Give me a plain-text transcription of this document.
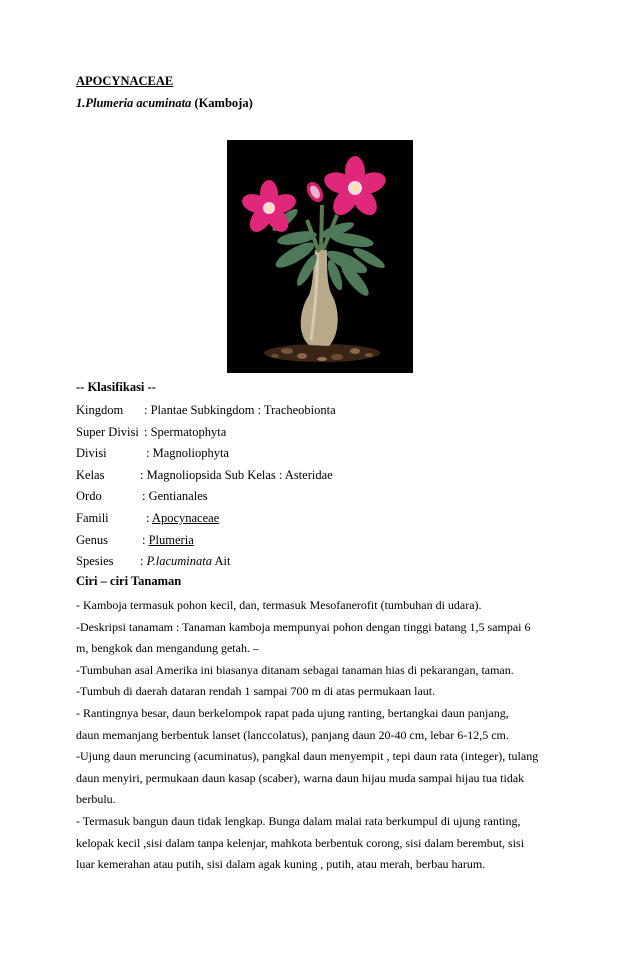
APOCYNACEAE
1.Plumeria acuminata (Kamboja)
-- Klasifikasi --
Kingdom : Plantae Subkingdom : Tracheobionta
Super Divisi : Spermatophyta
Divisi	: Magnoliophyta
Kelas	: Magnoliopsida Sub Kelas : Asteridae
Ordo	: Gentianales
Famili	: Apocynaceae
Genus	: Plumeria
Spesies : P.lacuminata Ait
Ciri – ciri Tanaman
- Kamboja termasuk pohon kecil, dan, termasuk Mesofanerofit (tumbuhan di udara).
-Deskripsi tanamam : Tanaman kamboja mempunyai pohon dengan tinggi batang 1,5 sampai 6
m, bengkok dan mengandung getah. –
-Tumbuhan asal Amerika ini biasanya ditanam sebagai tanaman hias di pekarangan, taman.
-Tumbuh di daerah dataran rendah 1 sampai 700 m di atas permukaan laut.
- Rantingnya besar, daun berkelompok rapat pada ujung ranting, bertangkai daun panjang,
daun memanjang berbentuk lanset (lanccolatus), panjang daun 20-40 cm, lebar 6-12,5 cm.
-Ujung daun meruncing (acuminatus), pangkal daun menyempit , tepi daun rata (integer), tulang
daun menyiri, permukaan daun kasap (scaber), warna daun hijau muda sampai hijau tua tidak
berbulu.
- Termasuk bangun daun tidak lengkap. Bunga dalam malai rata berkumpul di ujung ranting,
kelopak kecil ,sisi dalam tanpa kelenjar, mahkota berbentuk corong, sisi dalam berembut, sisi
luar kemerahan atau putih, sisi dalam agak kuning , putih, atau merah, berbau harum.
